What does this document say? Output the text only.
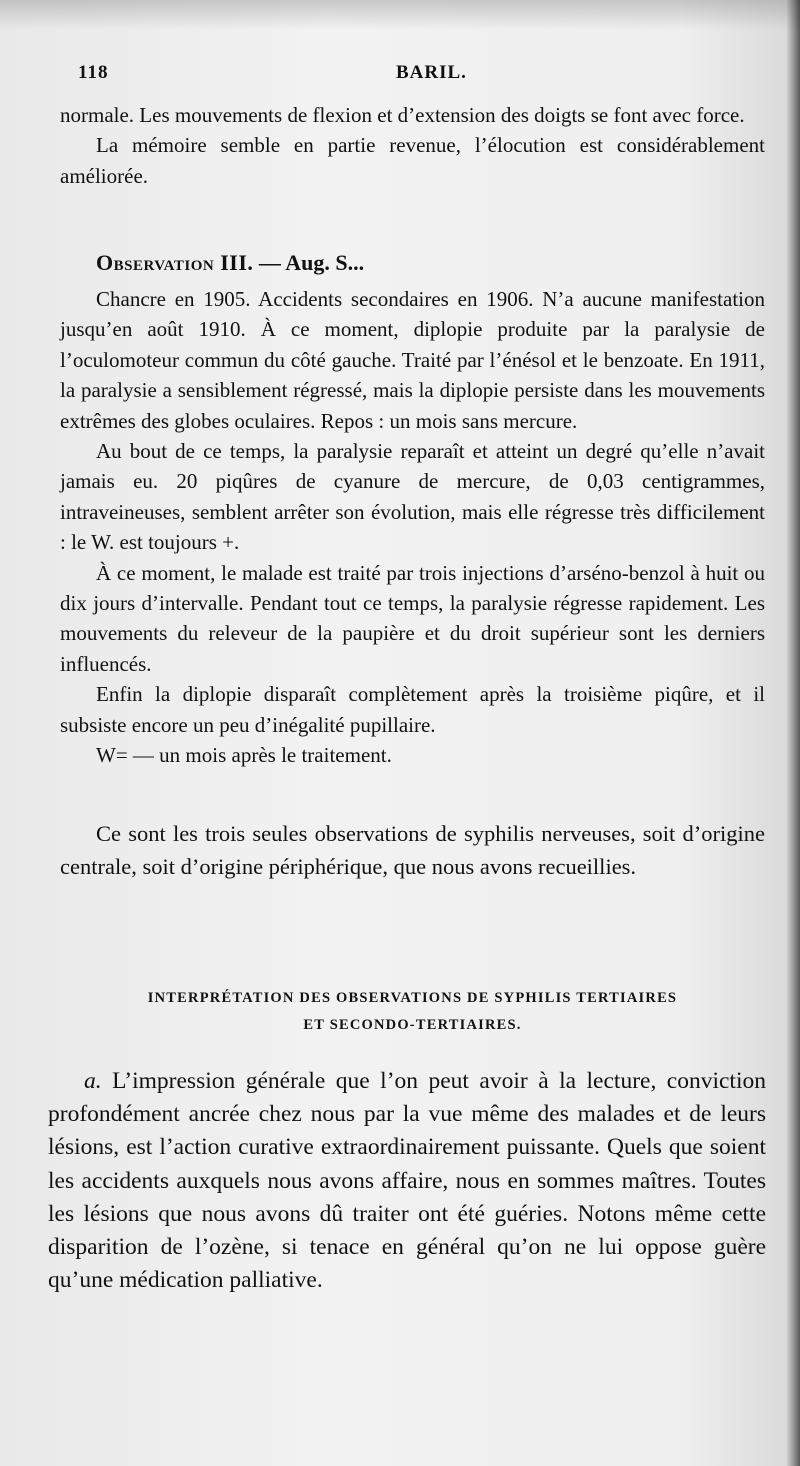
118	BARIL.

normale. Les mouvements de flexion et d’extension des doigts se font avec force.

La mémoire semble en partie revenue, l’élocution est considérablement améliorée.

Observation III. — Aug. S...

Chancre en 1905. Accidents secondaires en 1906. N’a aucune manifestation jusqu’en août 1910. À ce moment, diplopie produite par la paralysie de l’oculomoteur commun du côté gauche. Traité par l’énésol et le benzoate. En 1911, la paralysie a sensiblement régressé, mais la diplopie persiste dans les mouvements extrêmes des globes oculaires. Repos : un mois sans mercure.

Au bout de ce temps, la paralysie reparaît et atteint un degré qu’elle n’avait jamais eu. 20 piqûres de cyanure de mercure, de 0,03 centigrammes, intraveineuses, semblent arrêter son évolution, mais elle régresse très difficilement : le W. est toujours +.

À ce moment, le malade est traité par trois injections d’arséno-benzol à huit ou dix jours d’intervalle. Pendant tout ce temps, la paralysie régresse rapidement. Les mouvements du releveur de la paupière et du droit supérieur sont les derniers influencés.

Enfin la diplopie disparaît complètement après la troisième piqûre, et il subsiste encore un peu d’inégalité pupillaire.

W= — un mois après le traitement.

Ce sont les trois seules observations de syphilis nerveuses, soit d’origine centrale, soit d’origine périphérique, que nous avons recueillies.

INTERPRÉTATION DES OBSERVATIONS DE SYPHILIS TERTIAIRES
ET SECONDO-TERTIAIRES.

a. L’impression générale que l’on peut avoir à la lecture, conviction profondément ancrée chez nous par la vue même des malades et de leurs lésions, est l’action curative extraordinairement puissante. Quels que soient les accidents auxquels nous avons affaire, nous en sommes maîtres. Toutes les lésions que nous avons dû traiter ont été guéries. Notons même cette disparition de l’ozène, si tenace en général qu’on ne lui oppose guère qu’une médication palliative.
